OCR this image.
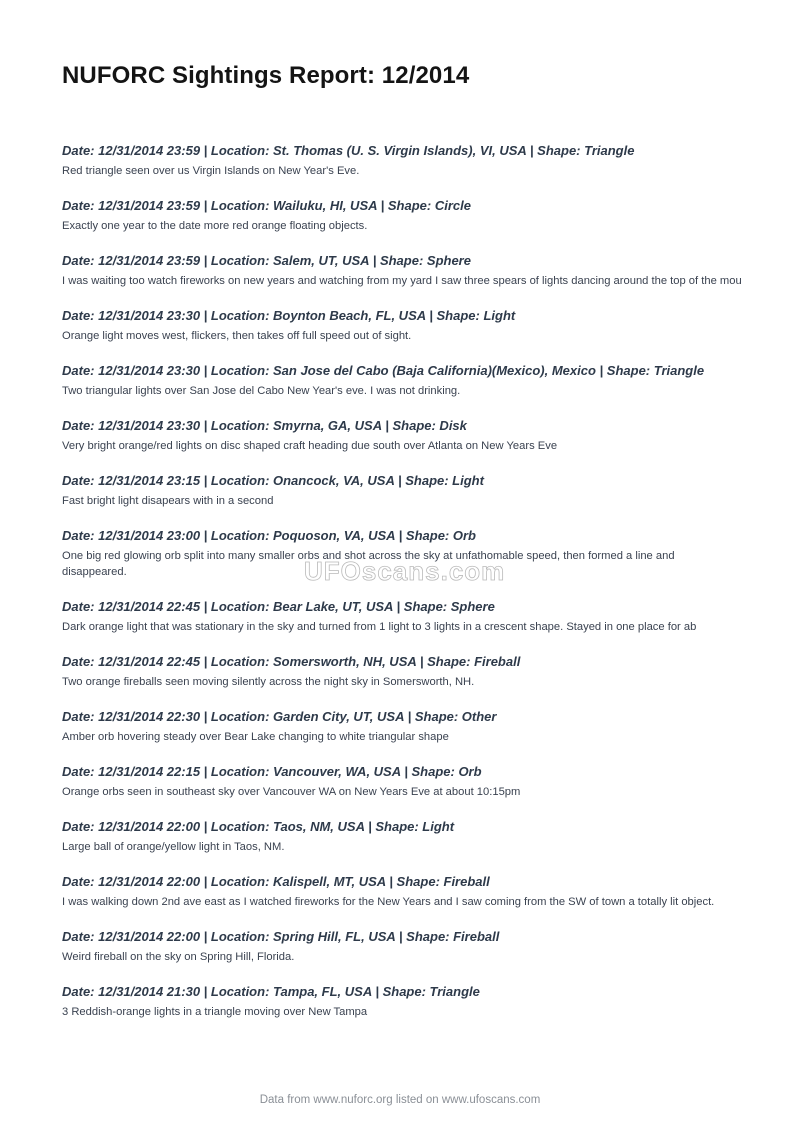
NUFORC Sightings Report: 12/2014

Date: 12/31/2014 23:59 | Location: St. Thomas (U. S. Virgin Islands), VI, USA | Shape: Triangle

Red triangle seen over us Virgin Islands on New Year's Eve.

Date: 12/31/2014 23:59 | Location: Wailuku, HI, USA | Shape: Circle

Exactly one year to the date more red orange floating objects.

Date: 12/31/2014 23:59 | Location: Salem, UT, USA | Shape: Sphere

I was waiting too watch fireworks on new years and watching from my yard I saw three spears of lights dancing around the top of the mou

Date: 12/31/2014 23:30 | Location: Boynton Beach, FL, USA | Shape: Light

Orange light moves west, flickers, then takes off full speed out of sight.

Date: 12/31/2014 23:30 | Location: San Jose del Cabo (Baja California)(Mexico), Mexico | Shape: Triangle

Two triangular lights over San Jose del Cabo New Year's eve. I was not drinking.

Date: 12/31/2014 23:30 | Location: Smyrna, GA, USA | Shape: Disk

Very bright orange/red lights on disc shaped craft heading due south over Atlanta on New Years Eve

Date: 12/31/2014 23:15 | Location: Onancock, VA, USA | Shape: Light

Fast bright light disapears with in a second

Date: 12/31/2014 23:00 | Location: Poquoson, VA, USA | Shape: Orb

One big red glowing orb split into many smaller orbs and shot across the sky at unfathomable speed, then formed a line and disappeared.

Date: 12/31/2014 22:45 | Location: Bear Lake, UT, USA | Shape: Sphere

Dark orange light that was stationary in the sky and turned from 1 light to 3 lights in a crescent shape. Stayed in one place for ab

Date: 12/31/2014 22:45 | Location: Somersworth, NH, USA | Shape: Fireball

Two orange fireballs seen moving silently across the night sky in Somersworth, NH.

Date: 12/31/2014 22:30 | Location: Garden City, UT, USA | Shape: Other

Amber orb hovering steady over Bear Lake changing to white triangular shape

Date: 12/31/2014 22:15 | Location: Vancouver, WA, USA | Shape: Orb

Orange orbs seen in southeast sky over Vancouver WA on New Years Eve at about 10:15pm

Date: 12/31/2014 22:00 | Location: Taos, NM, USA | Shape: Light

Large ball of orange/yellow light in Taos, NM.

Date: 12/31/2014 22:00 | Location: Kalispell, MT, USA | Shape: Fireball

I was walking down 2nd ave east as I watched fireworks for the New Years and I saw coming from the SW of town a totally lit object.

Date: 12/31/2014 22:00 | Location: Spring Hill, FL, USA | Shape: Fireball

Weird fireball on the sky on Spring Hill, Florida.

Date: 12/31/2014 21:30 | Location: Tampa, FL, USA | Shape: Triangle

3 Reddish-orange lights in a triangle moving over New Tampa

UFOscans.com
Data from www.nuforc.org listed on www.ufoscans.com
